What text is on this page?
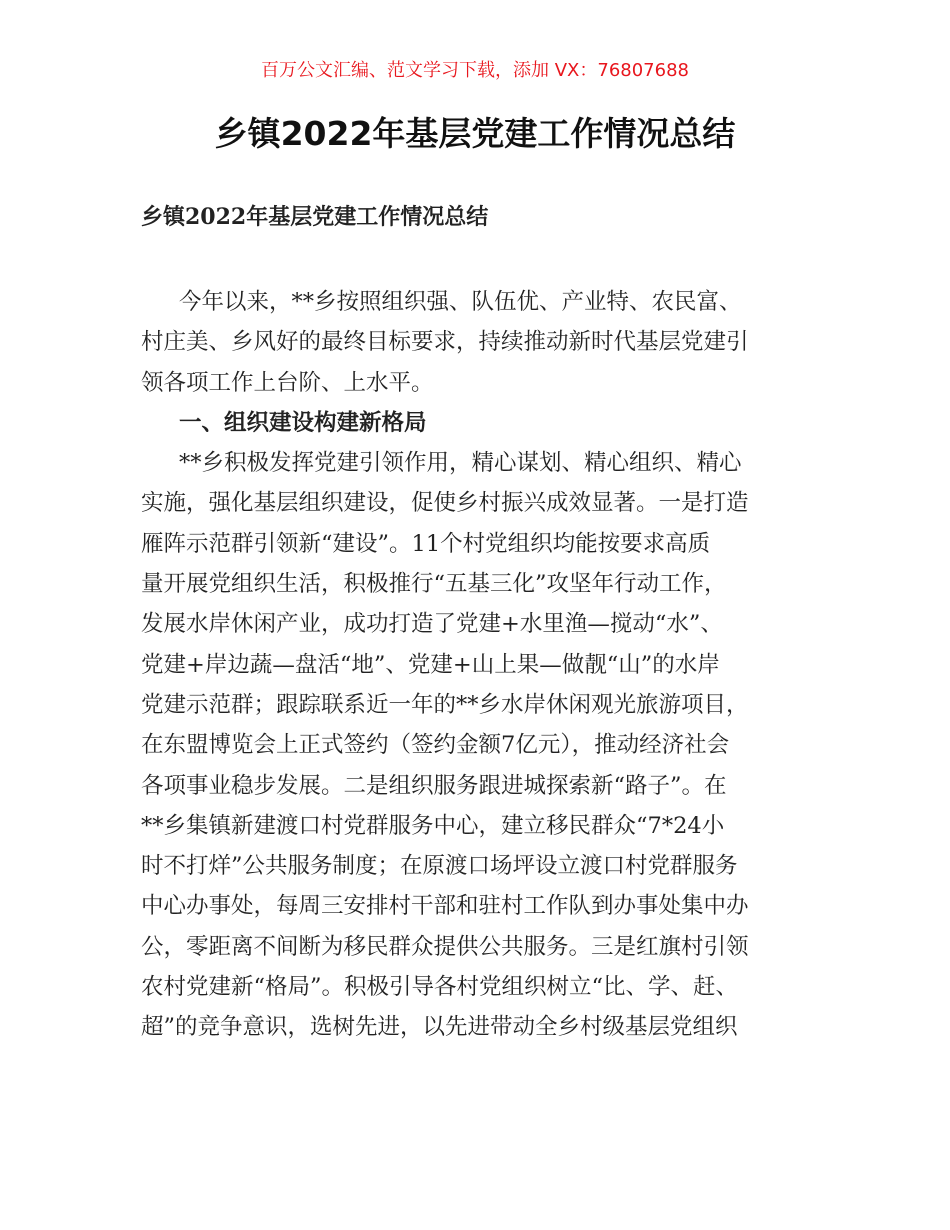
百万公文汇编、范文学习下载，添加 VX：76807688
乡镇2022年基层党建工作情况总结
乡镇2022年基层党建工作情况总结
今年以来，**乡按照组织强、队伍优、产业特、农民富、
村庄美、乡风好的最终目标要求，持续推动新时代基层党建引
领各项工作上台阶、上水平。
一、组织建设构建新格局
**乡积极发挥党建引领作用，精心谋划、精心组织、精心
实施，强化基层组织建设，促使乡村振兴成效显著。一是打造
雁阵示范群引领新“建设”。11个村党组织均能按要求高质
量开展党组织生活，积极推行“五基三化”攻坚年行动工作，
发展水岸休闲产业，成功打造了党建+水里渔—搅动“水”、
党建+岸边蔬—盘活“地”、党建+山上果—做靓“山”的水岸
党建示范群；跟踪联系近一年的**乡水岸休闲观光旅游项目，
在东盟博览会上正式签约（签约金额7亿元），推动经济社会
各项事业稳步发展。二是组织服务跟进城探索新“路子”。在
**乡集镇新建渡口村党群服务中心，建立移民群众“7*24小
时不打烊”公共服务制度；在原渡口场坪设立渡口村党群服务
中心办事处，每周三安排村干部和驻村工作队到办事处集中办
公，零距离不间断为移民群众提供公共服务。三是红旗村引领
农村党建新“格局”。积极引导各村党组织树立“比、学、赶、
超”的竞争意识，选树先进，以先进带动全乡村级基层党组织
